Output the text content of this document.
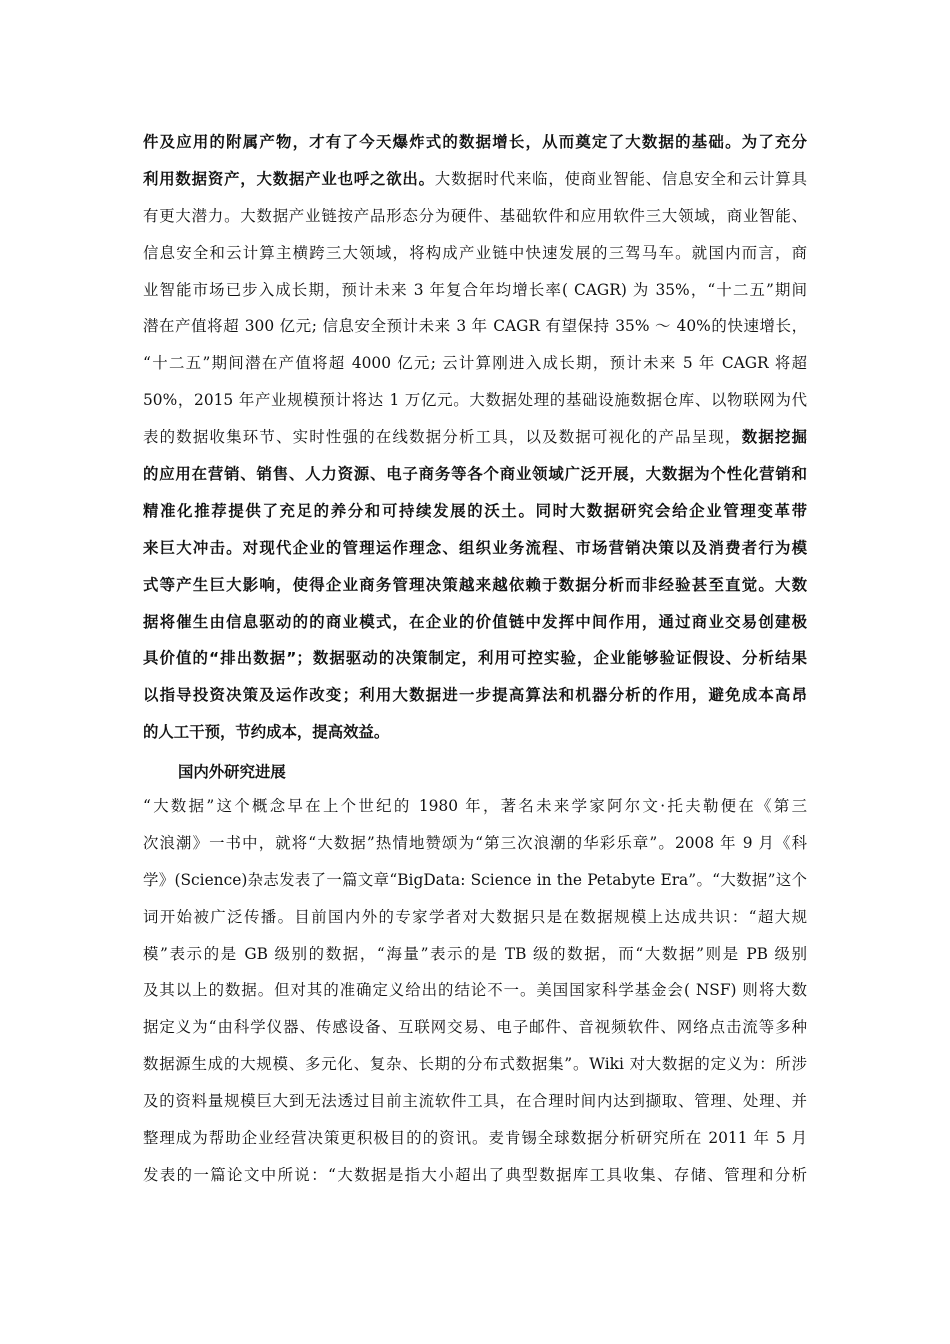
件及应用的附属产物，才有了今天爆炸式的数据增长，从而奠定了大数据的基础。为了充分
利用数据资产，大数据产业也呼之欲出。大数据时代来临，使商业智能、信息安全和云计算具
有更大潜力。大数据产业链按产品形态分为硬件、基础软件和应用软件三大领域，商业智能、
信息安全和云计算主横跨三大领域，将构成产业链中快速发展的三驾马车。就国内而言，商
业智能市场已步入成长期，预计未来 3 年复合年均增长率( CAGR) 为 35%，“十二五”期间
潜在产值将超 300 亿元; 信息安全预计未来 3 年 CAGR 有望保持 35% ～ 40%的快速增长，
“十二五”期间潜在产值将超 4000 亿元; 云计算刚进入成长期，预计未来 5 年 CAGR 将超
50%，2015 年产业规模预计将达 1 万亿元。大数据处理的基础设施数据仓库、以物联网为代
表的数据收集环节、实时性强的在线数据分析工具，以及数据可视化的产品呈现，数据挖掘
的应用在营销、销售、人力资源、电子商务等各个商业领域广泛开展，大数据为个性化营销和
精准化推荐提供了充足的养分和可持续发展的沃土。同时大数据研究会给企业管理变革带
来巨大冲击。对现代企业的管理运作理念、组织业务流程、市场营销决策以及消费者行为模
式等产生巨大影响，使得企业商务管理决策越来越依赖于数据分析而非经验甚至直觉。大数
据将催生由信息驱动的的商业模式，在企业的价值链中发挥中间作用，通过商业交易创建极
具价值的“排出数据”；数据驱动的决策制定，利用可控实验，企业能够验证假设、分析结果
以指导投资决策及运作改变；利用大数据进一步提高算法和机器分析的作用，避免成本高昂
的人工干预，节约成本，提高效益。
国内外研究进展
“大数据”这个概念早在上个世纪的 1980 年，著名未来学家阿尔文·托夫勒便在《第三
次浪潮》一书中，就将“大数据”热情地赞颂为“第三次浪潮的华彩乐章”。2008 年 9 月《科
学》(Science)杂志发表了一篇文章“BigData: Science in the Petabyte Era”。“大数据”这个
词开始被广泛传播。目前国内外的专家学者对大数据只是在数据规模上达成共识：“超大规
模”表示的是 GB 级别的数据，“海量”表示的是 TB 级的数据，而“大数据”则是 PB 级别
及其以上的数据。但对其的准确定义给出的结论不一。美国国家科学基金会( NSF) 则将大数
据定义为“由科学仪器、传感设备、互联网交易、电子邮件、音视频软件、网络点击流等多种
数据源生成的大规模、多元化、复杂、长期的分布式数据集”。Wiki 对大数据的定义为：所涉
及的资料量规模巨大到无法透过目前主流软件工具，在合理时间内达到撷取、管理、处理、并
整理成为帮助企业经营决策更积极目的的资讯。麦肯锡全球数据分析研究所在 2011 年 5 月
发表的一篇论文中所说：“大数据是指大小超出了典型数据库工具收集、存储、管理和分析
